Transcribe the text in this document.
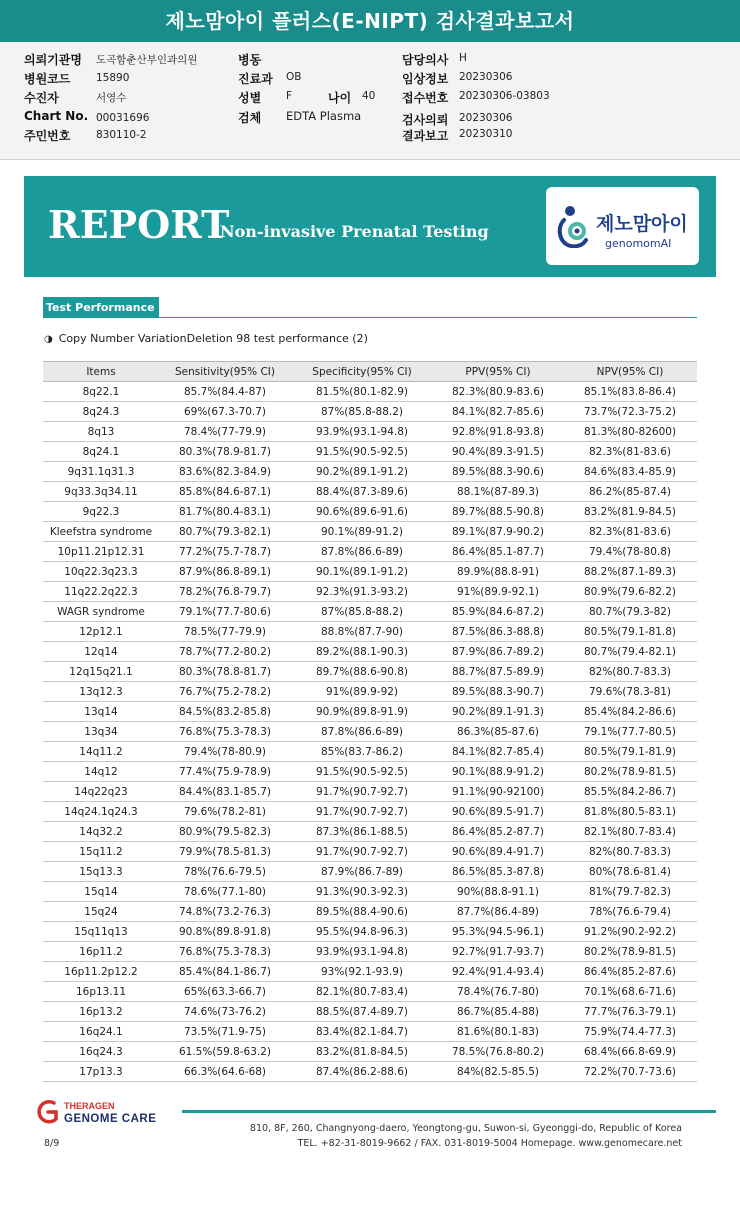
제노맘아이 플러스(E-NIPT) 검사결과보고서
의뢰기관명 도곡함춘산부인과의원	병동	담당의사 H
병원코드 15890	진료과 OB	임상정보 20230306
수진자	서영수	성별 F	나이 40 접수번호 20230306-03803
Chart No. 00031696	검체 EDTA Plasma	검사의뢰 20230306
주민번호 830110-2	결과보고 20230310
REPORT
Non-invasive Prenatal Testing	제노맘아이
genomomAI
Test Performance
◑ Copy Number VariationDeletion 98 test performance (2)
Items	Sensitivity(95% CI)	Specificity(95% CI)	PPV(95% CI)	NPV(95% CI)
8q22.1	85.7%(84.4-87)	81.5%(80.1-82.9)	82.3%(80.9-83.6)	85.1%(83.8-86.4)
8q24.3	69%(67.3-70.7)	87%(85.8-88.2)	84.1%(82.7-85.6)	73.7%(72.3-75.2)
8q13	78.4%(77-79.9)	93.9%(93.1-94.8)	92.8%(91.8-93.8)	81.3%(80-82600)
8q24.1	80.3%(78.9-81.7)	91.5%(90.5-92.5)	90.4%(89.3-91.5)	82.3%(81-83.6)
9q31.1q31.3	83.6%(82.3-84.9)	90.2%(89.1-91.2)	89.5%(88.3-90.6)	84.6%(83.4-85.9)
9q33.3q34.11	85.8%(84.6-87.1)	88.4%(87.3-89.6)	88.1%(87-89.3)	86.2%(85-87.4)
9q22.3	81.7%(80.4-83.1)	90.6%(89.6-91.6)	89.7%(88.5-90.8)	83.2%(81.9-84.5)
Kleefstra syndrome	80.7%(79.3-82.1)	90.1%(89-91.2)	89.1%(87.9-90.2)	82.3%(81-83.6)
10p11.21p12.31	77.2%(75.7-78.7)	87.8%(86.6-89)	86.4%(85.1-87.7)	79.4%(78-80.8)
10q22.3q23.3	87.9%(86.8-89.1)	90.1%(89.1-91.2)	89.9%(88.8-91)	88.2%(87.1-89.3)
11q22.2q22.3	78.2%(76.8-79.7)	92.3%(91.3-93.2)	91%(89.9-92.1)	80.9%(79.6-82.2)
WAGR syndrome	79.1%(77.7-80.6)	87%(85.8-88.2)	85.9%(84.6-87.2)	80.7%(79.3-82)
12p12.1	78.5%(77-79.9)	88.8%(87.7-90)	87.5%(86.3-88.8)	80.5%(79.1-81.8)
12q14	78.7%(77.2-80.2)	89.2%(88.1-90.3)	87.9%(86.7-89.2)	80.7%(79.4-82.1)
12q15q21.1	80.3%(78.8-81.7)	89.7%(88.6-90.8)	88.7%(87.5-89.9)	82%(80.7-83.3)
13q12.3	76.7%(75.2-78.2)	91%(89.9-92)	89.5%(88.3-90.7)	79.6%(78.3-81)
13q14	84.5%(83.2-85.8)	90.9%(89.8-91.9)	90.2%(89.1-91.3)	85.4%(84.2-86.6)
13q34	76.8%(75.3-78.3)	87.8%(86.6-89)	86.3%(85-87.6)	79.1%(77.7-80.5)
14q11.2	79.4%(78-80.9)	85%(83.7-86.2)	84.1%(82.7-85.4)	80.5%(79.1-81.9)
14q12	77.4%(75.9-78.9)	91.5%(90.5-92.5)	90.1%(88.9-91.2)	80.2%(78.9-81.5)
14q22q23	84.4%(83.1-85.7)	91.7%(90.7-92.7)	91.1%(90-92100)	85.5%(84.2-86.7)
14q24.1q24.3	79.6%(78.2-81)	91.7%(90.7-92.7)	90.6%(89.5-91.7)	81.8%(80.5-83.1)
14q32.2	80.9%(79.5-82.3)	87.3%(86.1-88.5)	86.4%(85.2-87.7)	82.1%(80.7-83.4)
15q11.2	79.9%(78.5-81.3)	91.7%(90.7-92.7)	90.6%(89.4-91.7)	82%(80.7-83.3)
15q13.3	78%(76.6-79.5)	87.9%(86.7-89)	86.5%(85.3-87.8)	80%(78.6-81.4)
15q14	78.6%(77.1-80)	91.3%(90.3-92.3)	90%(88.8-91.1)	81%(79.7-82.3)
15q24	74.8%(73.2-76.3)	89.5%(88.4-90.6)	87.7%(86.4-89)	78%(76.6-79.4)
15q11q13	90.8%(89.8-91.8)	95.5%(94.8-96.3)	95.3%(94.5-96.1)	91.2%(90.2-92.2)
16p11.2	76.8%(75.3-78.3)	93.9%(93.1-94.8)	92.7%(91.7-93.7)	80.2%(78.9-81.5)
16p11.2p12.2	85.4%(84.1-86.7)	93%(92.1-93.9)	92.4%(91.4-93.4)	86.4%(85.2-87.6)
16p13.11	65%(63.3-66.7)	82.1%(80.7-83.4)	78.4%(76.7-80)	70.1%(68.6-71.6)
16p13.2	74.6%(73-76.2)	88.5%(87.4-89.7)	86.7%(85.4-88)	77.7%(76.3-79.1)
16q24.1	73.5%(71.9-75)	83.4%(82.1-84.7)	81.6%(80.1-83)	75.9%(74.4-77.3)
16q24.3	61.5%(59.8-63.2)	83.2%(81.8-84.5)	78.5%(76.8-80.2)	68.4%(66.8-69.9)
17p13.3	66.3%(64.6-68)	87.4%(86.2-88.6)	84%(82.5-85.5)	72.2%(70.7-73.6)
THERAGEN
GENOME CARE
810, 8F, 260, Changnyong-daero, Yeongtong-gu, Suwon-si, Gyeonggi-do, Republic of Korea
TEL. +82-31-8019-9662 / FAX. 031-8019-5004 Homepage. www.genomecare.net
8/9
